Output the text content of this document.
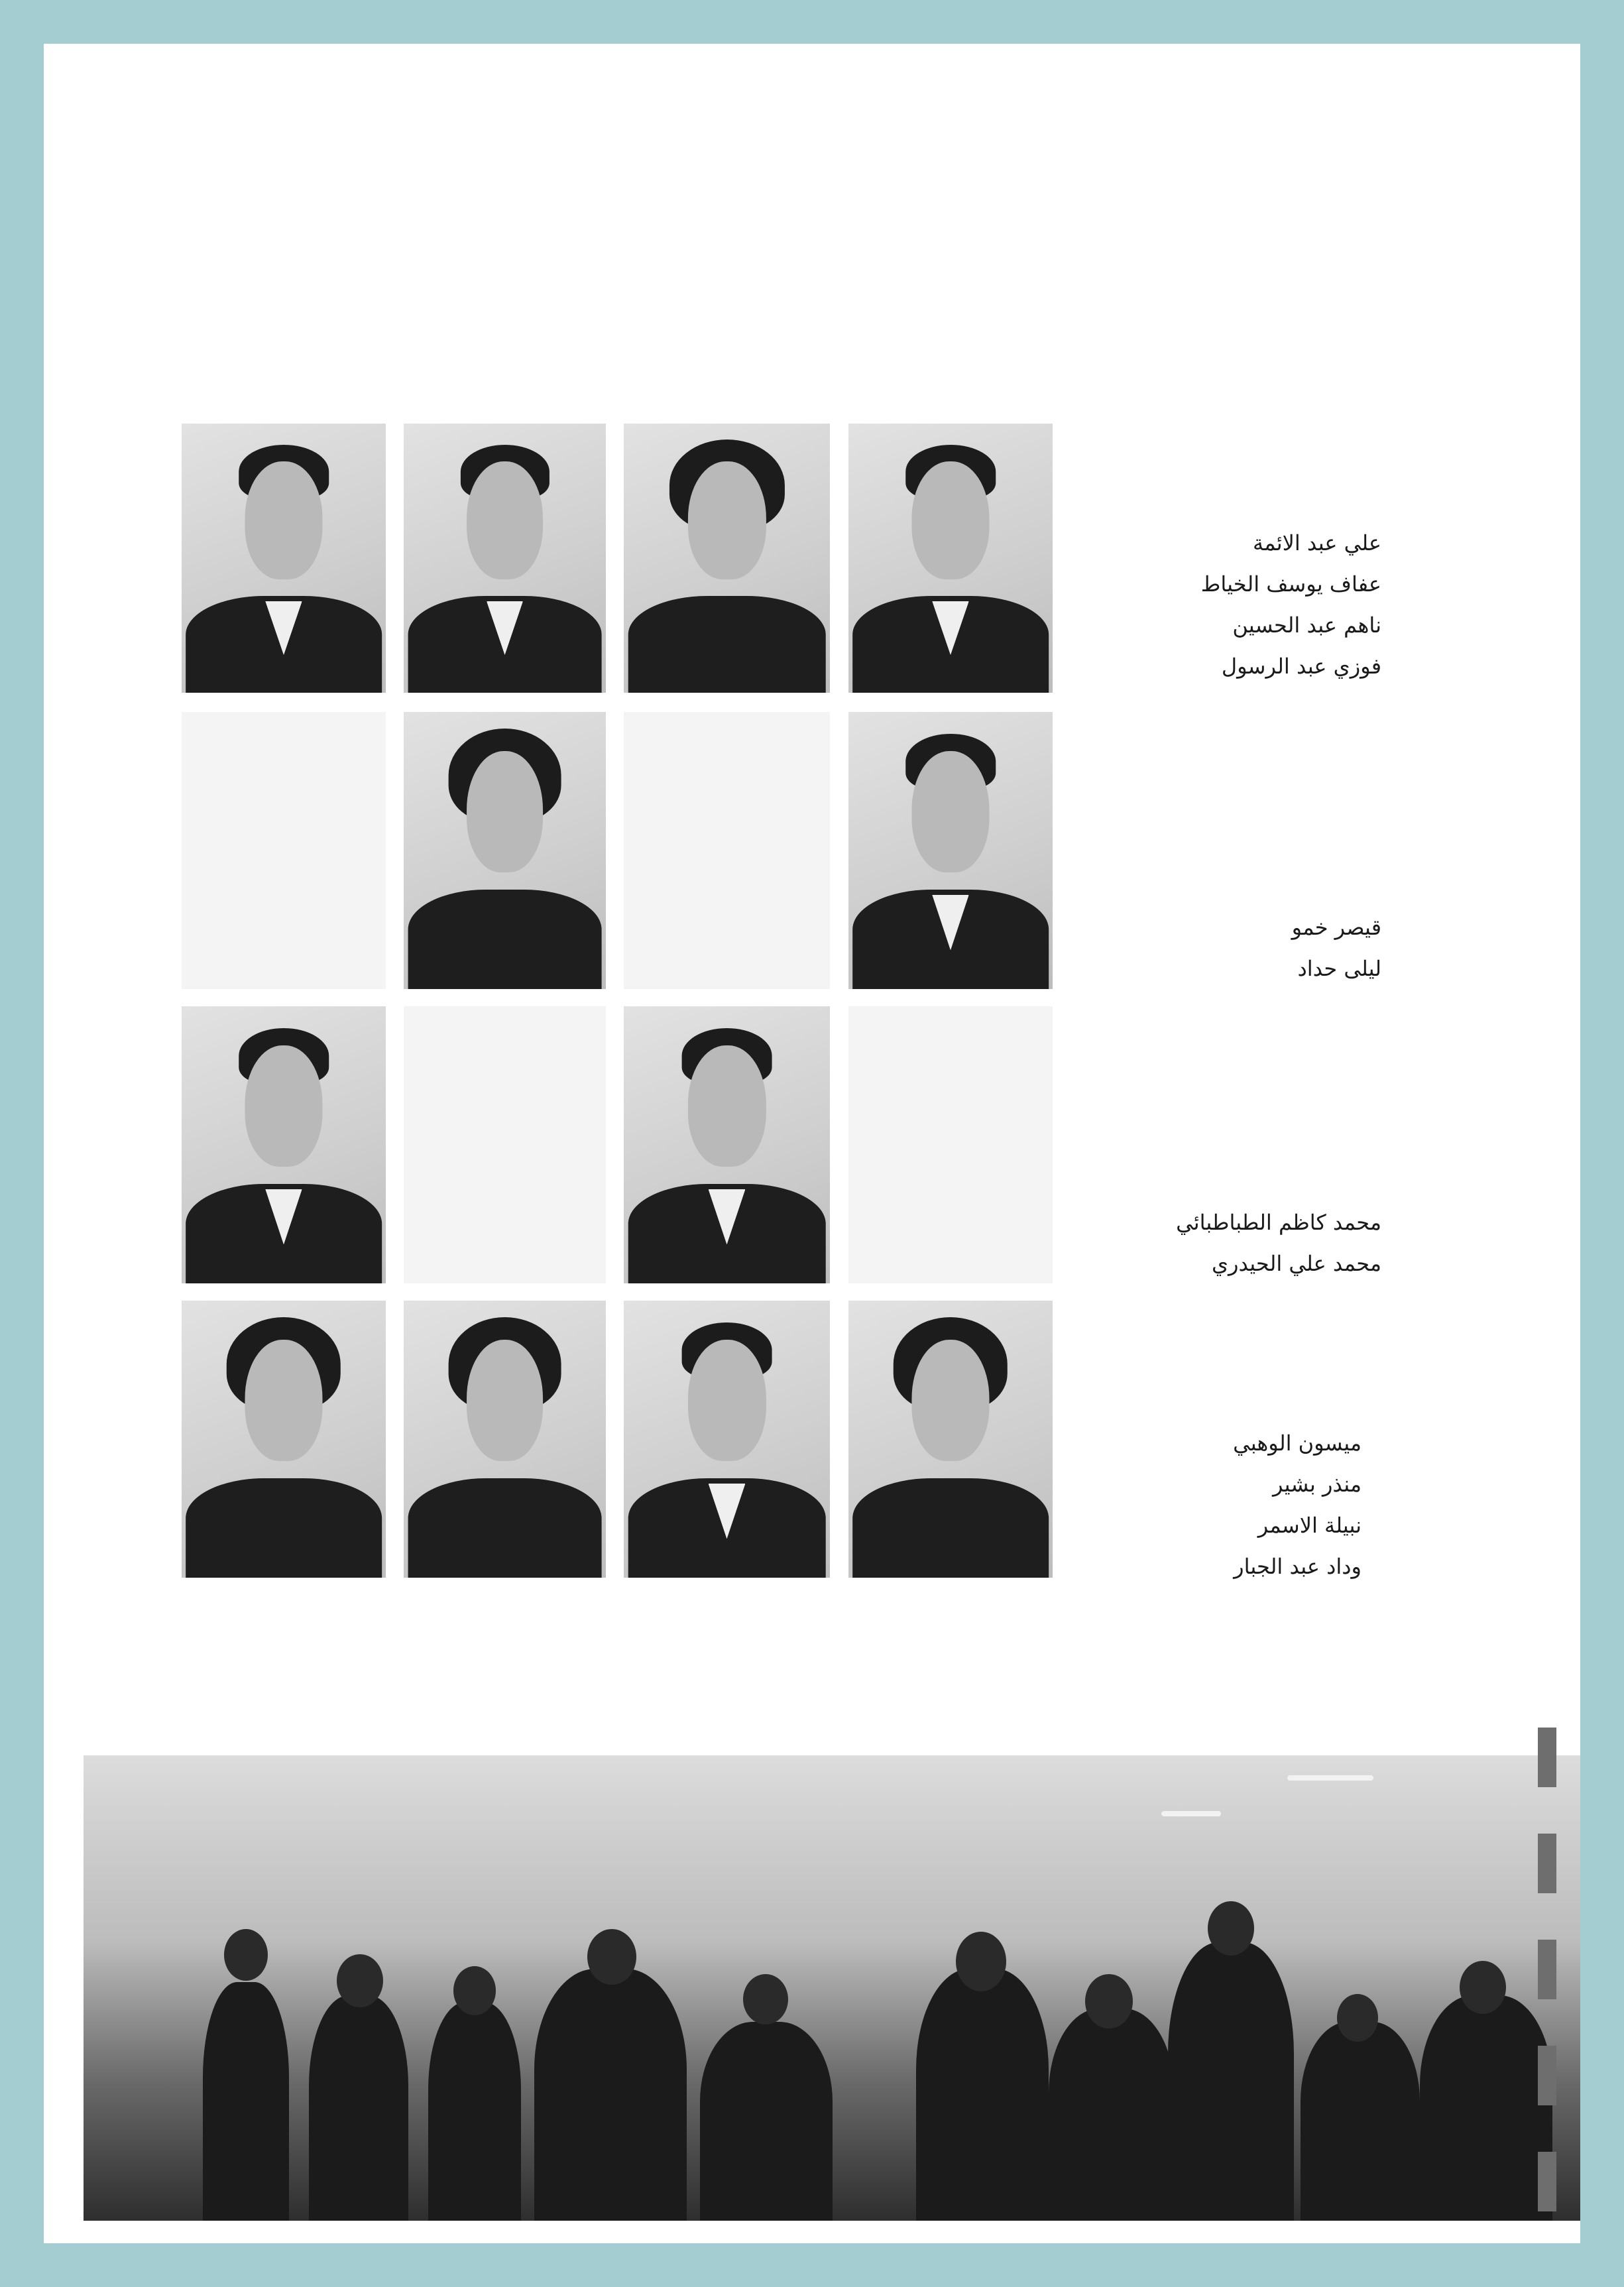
علي عبد الائمة
عفاف يوسف الخياط
ناهم عبد الحسين
فوزي عبد الرسول
قيصر خمو
ليلى حداد
محمد كاظم الطباطبائي
محمد علي الحيدري
ميسون الوهبي
منذر بشير
نبيلة الاسمر
وداد عبد الجبار
